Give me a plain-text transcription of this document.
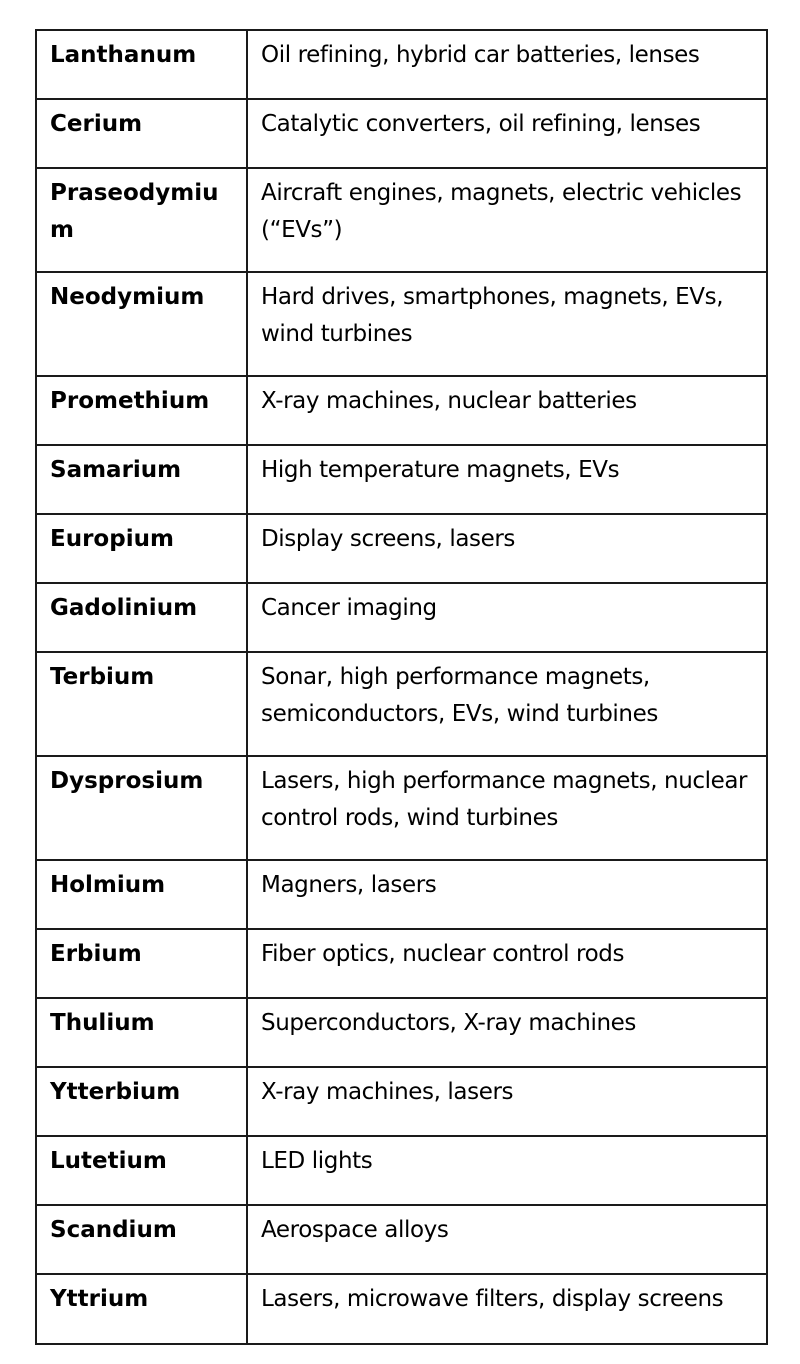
Lanthanum	Oil refining, hybrid car batteries, lenses
Cerium	Catalytic converters, oil refining, lenses
Praseodymium	Aircraft engines, magnets, electric vehicles (“EVs”)
Neodymium	Hard drives, smartphones, magnets, EVs, wind turbines
Promethium	X-ray machines, nuclear batteries
Samarium	High temperature magnets, EVs
Europium	Display screens, lasers
Gadolinium	Cancer imaging
Terbium	Sonar, high performance magnets, semiconductors, EVs, wind turbines
Dysprosium	Lasers, high performance magnets, nuclear control rods, wind turbines
Holmium	Magners, lasers
Erbium	Fiber optics, nuclear control rods
Thulium	Superconductors, X-ray machines
Ytterbium	X-ray machines, lasers
Lutetium	LED lights
Scandium	Aerospace alloys
Yttrium	Lasers, microwave filters, display screens
